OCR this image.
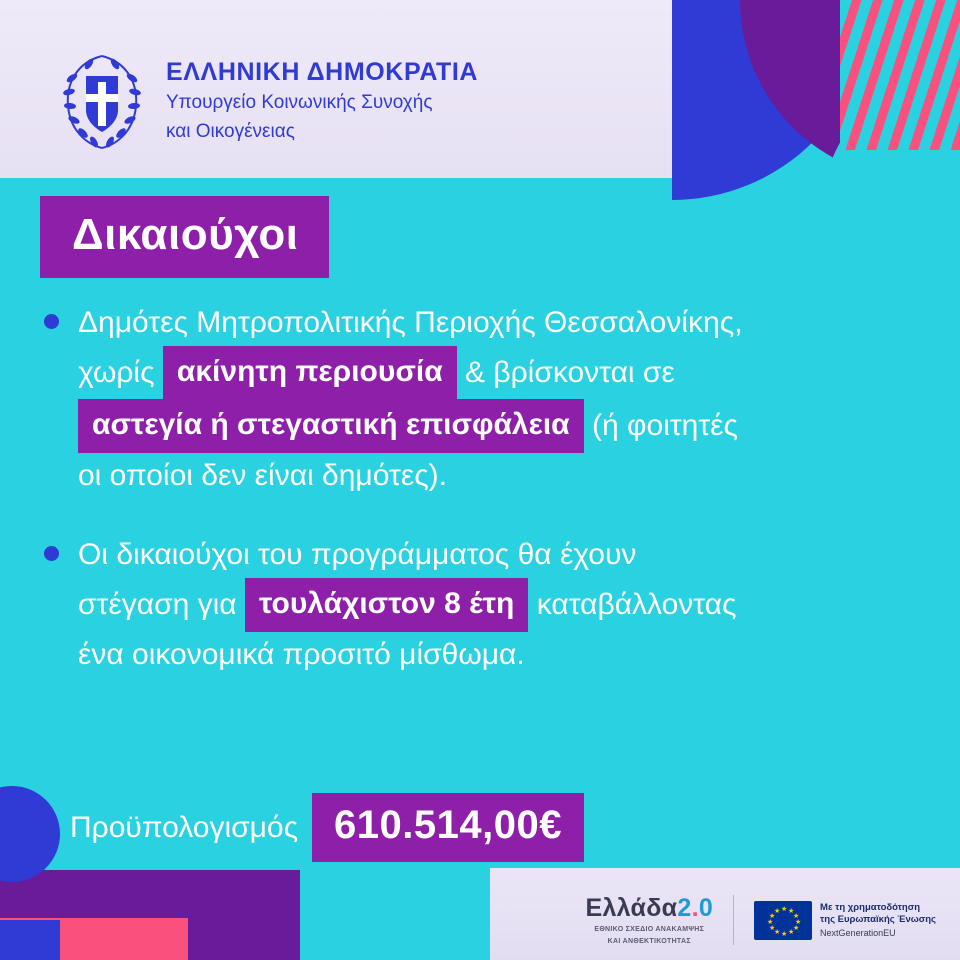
ΕΛΛΗΝΙΚΗ ΔΗΜΟΚΡΑΤΙΑ
Υπουργείο Κοινωνικής Συνοχής
και Οικογένειας
Δικαιούχοι
Δημότες Μητροπολιτικής Περιοχής Θεσσαλονίκης,
χωρίς ακίνητη περιουσία & βρίσκονται σε
αστεγία ή στεγαστική επισφάλεια (ή φοιτητές
οι οποίοι δεν είναι δημότες).
Οι δικαιούχοι του προγράμματος θα έχουν
στέγαση για τουλάχιστον 8 έτη καταβάλλοντας
ένα οικονομικά προσιτό μίσθωμα.
Προϋπολογισμός 610.514,00€
Ελλάδα2.0
ΕΘΝΙΚΟ ΣΧΕΔΙΟ ΑΝΑΚΑΜΨΗΣ
ΚΑΙ ΑΝΘΕΚΤΙΚΟΤΗΤΑΣ
★ ★
★
★
★
★
★
★
★
★
★
★	Με τη χρηματοδότηση
της Ευρωπαϊκής Ένωσης
NextGenerationEU
